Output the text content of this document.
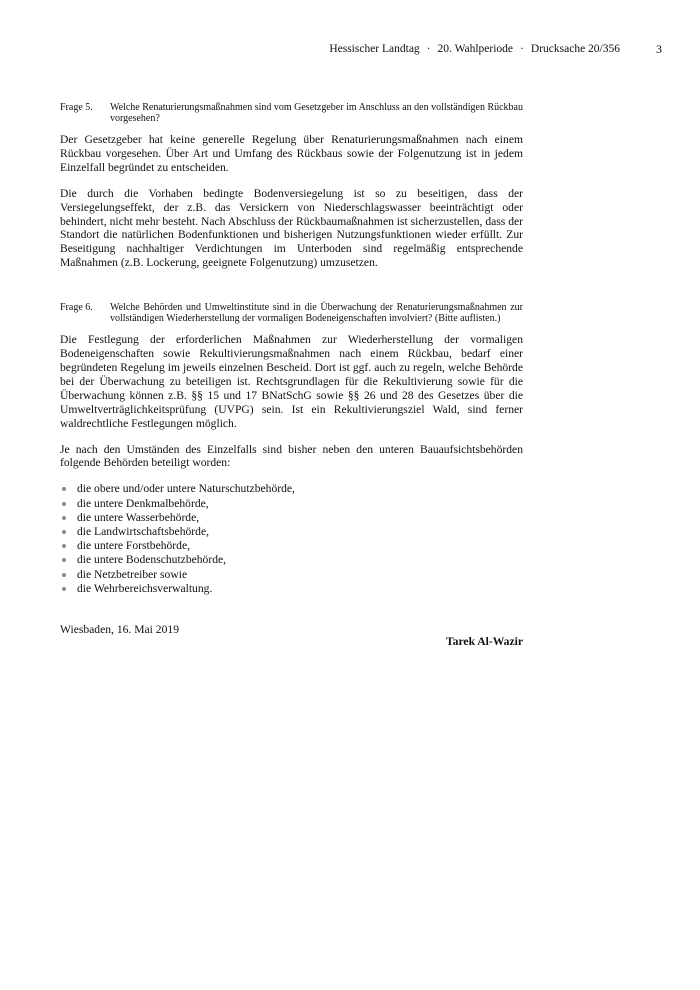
Hessischer Landtag · 20. Wahlperiode · Drucksache 20/356	3
Frage 5.	Welche Renaturierungsmaßnahmen sind vom Gesetzgeber im Anschluss an den vollständigen Rückbau vorgesehen?

Der Gesetzgeber hat keine generelle Regelung über Renaturierungsmaßnahmen nach einem Rückbau vorgesehen. Über Art und Umfang des Rückbaus sowie der Folgenutzung ist in jedem Einzelfall begründet zu entscheiden.

Die durch die Vorhaben bedingte Bodenversiegelung ist so zu beseitigen, dass der Versiegelungseffekt, der z.B. das Versickern von Niederschlagswasser beeinträchtigt oder behindert, nicht mehr besteht. Nach Abschluss der Rückbaumaßnahmen ist sicherzustellen, dass der Standort die natürlichen Bodenfunktionen und bisherigen Nutzungsfunktionen wieder erfüllt. Zur Beseitigung nachhaltiger Verdichtungen im Unterboden sind regelmäßig entsprechende Maßnahmen (z.B. Lockerung, geeignete Folgenutzung) umzusetzen.

Frage 6.	Welche Behörden und Umweltinstitute sind in die Überwachung der Renaturierungsmaßnahmen zur vollständigen Wiederherstellung der vormaligen Bodeneigenschaften involviert? (Bitte auflisten.)

Die Festlegung der erforderlichen Maßnahmen zur Wiederherstellung der vormaligen Bodeneigenschaften sowie Rekultivierungsmaßnahmen nach einem Rückbau, bedarf einer begründeten Regelung im jeweils einzelnen Bescheid. Dort ist ggf. auch zu regeln, welche Behörde bei der Überwachung zu beteiligen ist. Rechtsgrundlagen für die Rekultivierung sowie für die Überwachung können z.B. §§ 15 und 17 BNatSchG sowie §§ 26 und 28 des Gesetzes über die Umweltverträglichkeitsprüfung (UVPG) sein. Ist ein Rekultivierungsziel Wald, sind ferner waldrechtliche Festlegungen möglich.

Je nach den Umständen des Einzelfalls sind bisher neben den unteren Bauaufsichtsbehörden folgende Behörden beteiligt worden:

die obere und/oder untere Naturschutzbehörde,
die untere Denkmalbehörde,
die untere Wasserbehörde,
die Landwirtschaftsbehörde,
die untere Forstbehörde,
die untere Bodenschutzbehörde,
die Netzbetreiber sowie
die Wehrbereichsverwaltung.
Wiesbaden, 16. Mai 2019
Tarek Al-Wazir
